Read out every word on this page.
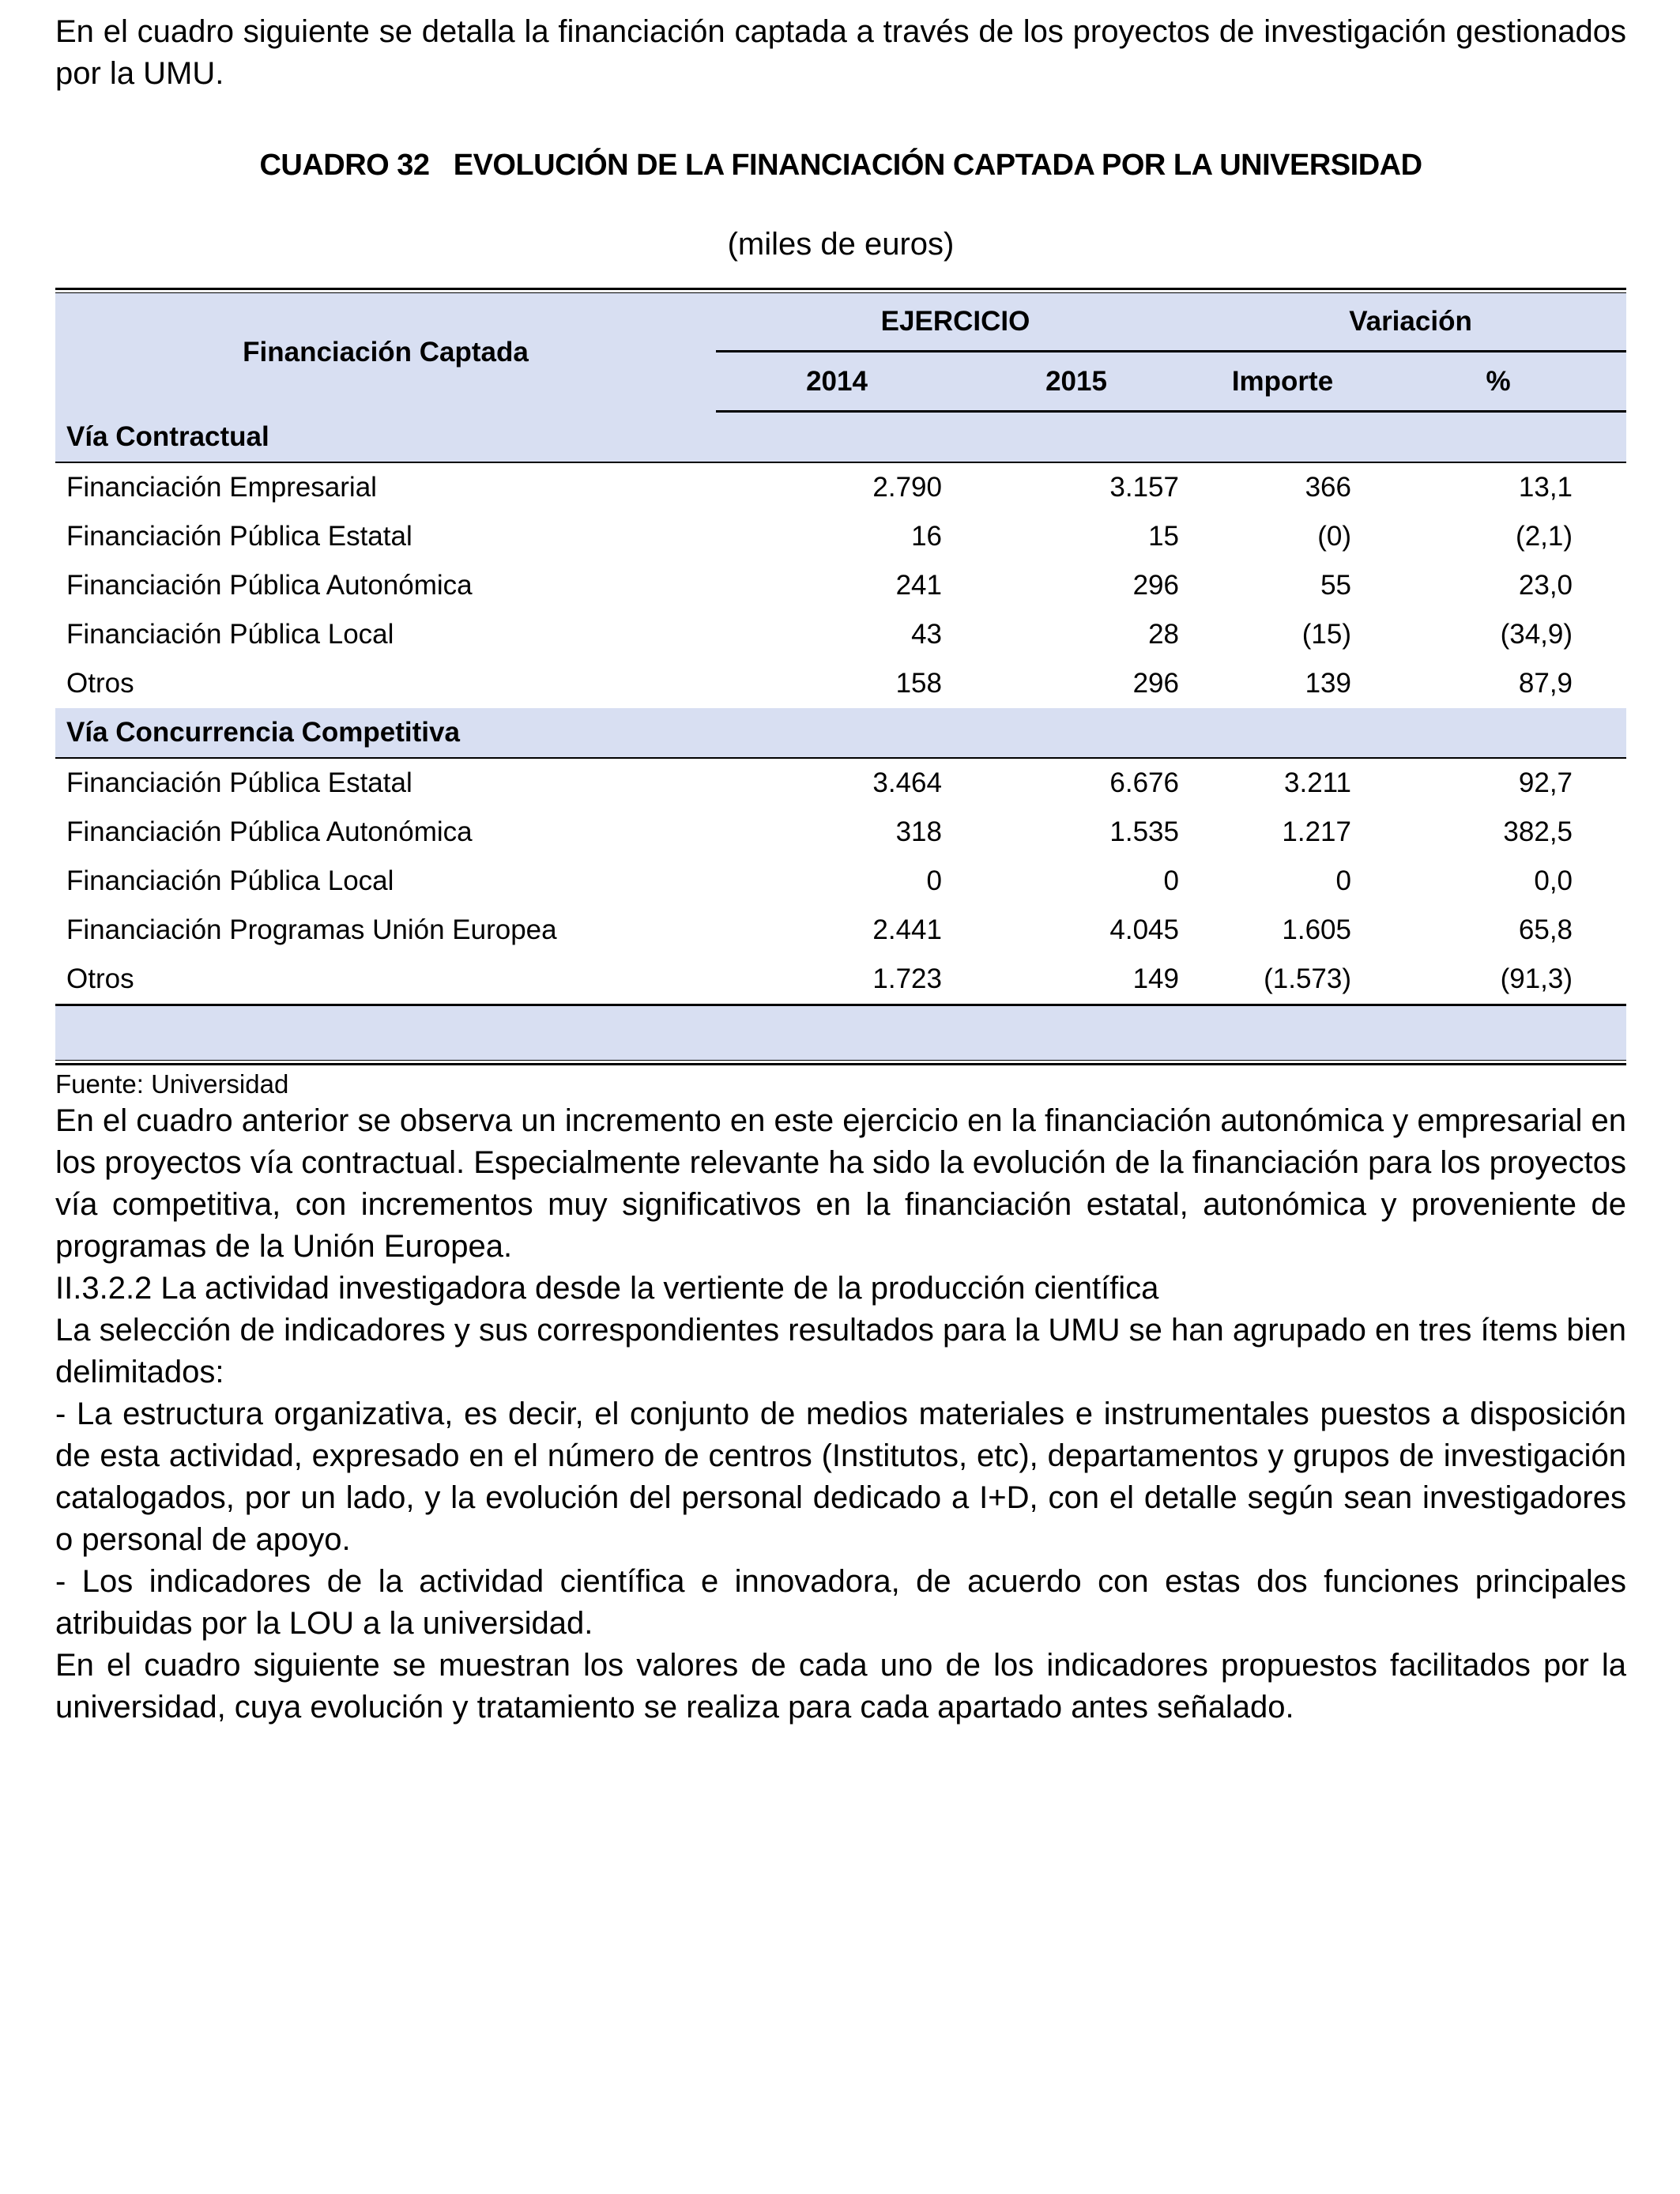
En el cuadro siguiente se detalla la financiación captada a través de los proyectos de investigación gestionados por la UMU.

CUADRO 32   EVOLUCIÓN DE LA FINANCIACIÓN CAPTADA POR LA UNIVERSIDAD
(miles de euros)
Financiación Captada	EJERCICIO		Variación	
	2014	2015	Importe	%
Vía Contractual				
Financiación Empresarial	2.790	3.157	366	13,1
Financiación Pública Estatal	16	15	(0)	(2,1)
Financiación Pública Autonómica	241	296	55	23,0
Financiación Pública Local	43	28	(15)	(34,9)
Otros	158	296	139	87,9
Vía Concurrencia Competitiva				
Financiación Pública Estatal	3.464	6.676	3.211	92,7
Financiación Pública Autonómica	318	1.535	1.217	382,5
Financiación Pública Local	0	0	0	0,0
Financiación Programas Unión Europea	2.441	4.045	1.605	65,8
Otros	1.723	149	(1.573)	(91,3)

Fuente: Universidad

En el cuadro anterior se observa un incremento en este ejercicio en la financiación autonómica y empresarial en los proyectos vía contractual. Especialmente relevante ha sido la evolución de la financiación para los proyectos vía competitiva, con incrementos muy significativos en la financiación estatal, autonómica y proveniente de programas de la Unión Europea.

II.3.2.2 La actividad investigadora desde la vertiente de la producción científica

La selección de indicadores y sus correspondientes resultados para la UMU se han agrupado en tres ítems bien delimitados:

- La estructura organizativa, es decir, el conjunto de medios materiales e instrumentales puestos a disposición de esta actividad, expresado en el número de centros (Institutos, etc), departamentos y grupos de investigación catalogados, por un lado, y la evolución del personal dedicado a I+D, con el detalle según sean investigadores o personal de apoyo.

- Los indicadores de la actividad científica e innovadora, de acuerdo con estas dos funciones principales atribuidas por la LOU a la universidad.

En el cuadro siguiente se muestran los valores de cada uno de los indicadores propuestos facilitados por la universidad, cuya evolución y tratamiento se realiza para cada apartado antes señalado.
